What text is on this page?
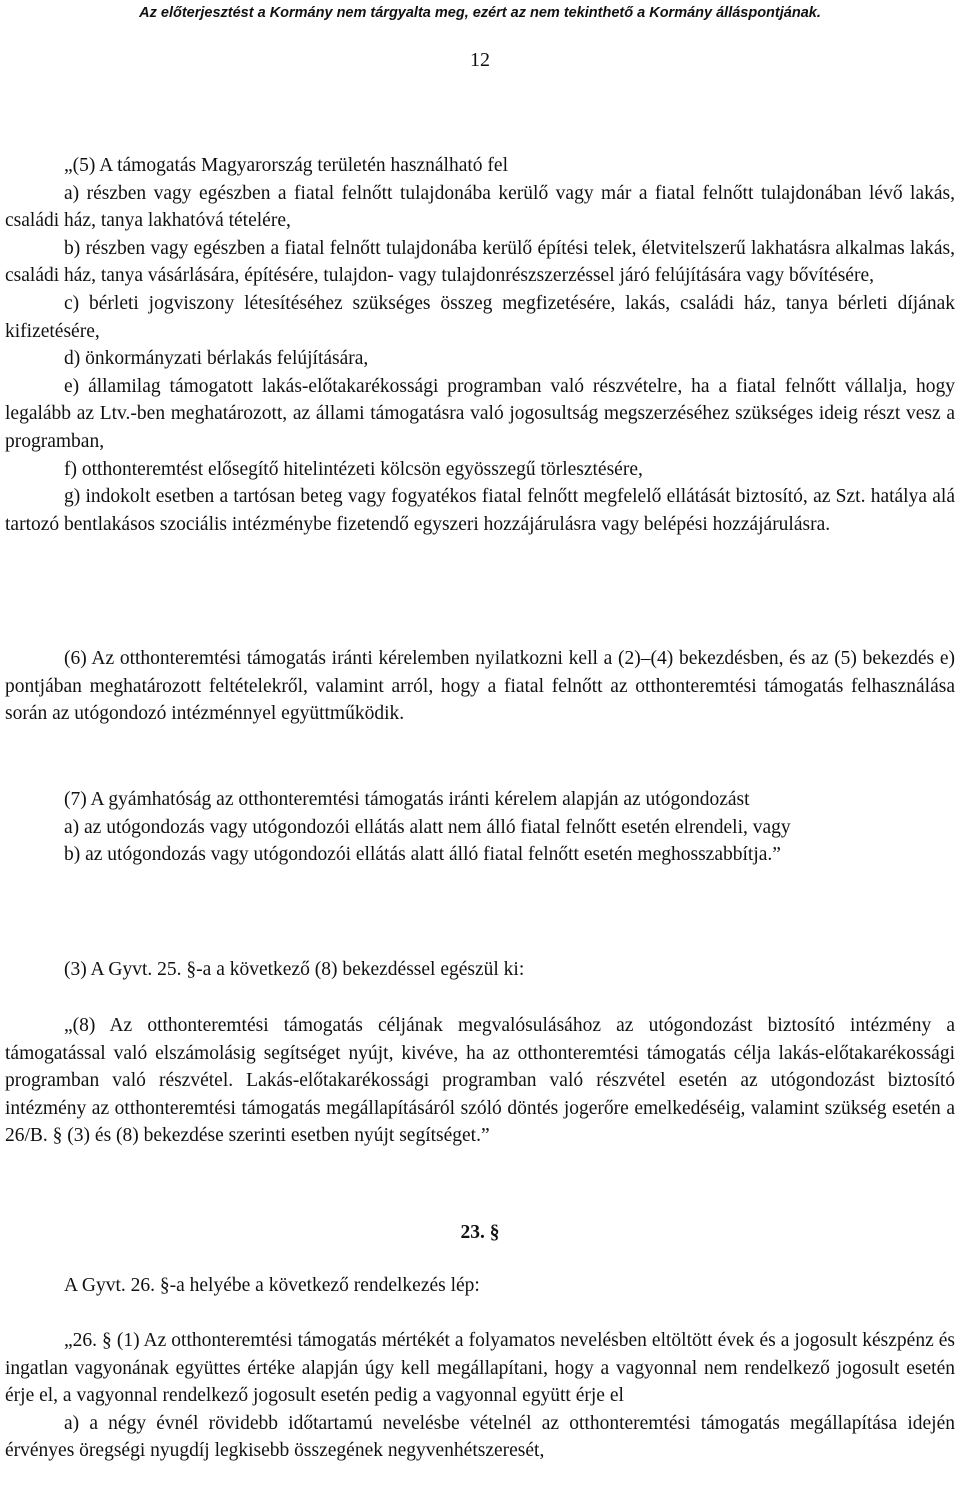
Az előterjesztést a Kormány nem tárgyalta meg, ezért az nem tekinthető a Kormány álláspontjának.
12

„(5) A támogatás Magyarország területén használható fel

a) részben vagy egészben a fiatal felnőtt tulajdonába kerülő vagy már a fiatal felnőtt tulajdonában lévő lakás, családi ház, tanya lakhatóvá tételére,

b) részben vagy egészben a fiatal felnőtt tulajdonába kerülő építési telek, életvitelszerű lakhatásra alkalmas lakás, családi ház, tanya vásárlására, építésére, tulajdon- vagy tulajdonrészszerzéssel járó felújítására vagy bővítésére,

c) bérleti jogviszony létesítéséhez szükséges összeg megfizetésére, lakás, családi ház, tanya bérleti díjának kifizetésére,

d) önkormányzati bérlakás felújítására,

e) államilag támogatott lakás-előtakarékossági programban való részvételre, ha a fiatal felnőtt vállalja, hogy legalább az Ltv.-ben meghatározott, az állami támogatásra való jogosultság megszerzéséhez szükséges ideig részt vesz a programban,

f) otthonteremtést elősegítő hitelintézeti kölcsön egyösszegű törlesztésére,

g) indokolt esetben a tartósan beteg vagy fogyatékos fiatal felnőtt megfelelő ellátását biztosító, az Szt. hatálya alá tartozó bentlakásos szociális intézménybe fizetendő egyszeri hozzájárulásra vagy belépési hozzájárulásra.

(6) Az otthonteremtési támogatás iránti kérelemben nyilatkozni kell a (2)–(4) bekezdésben, és az (5) bekezdés e) pontjában meghatározott feltételekről, valamint arról, hogy a fiatal felnőtt az otthonteremtési támogatás felhasználása során az utógondozó intézménnyel együttműködik.

(7) A gyámhatóság az otthonteremtési támogatás iránti kérelem alapján az utógondozást

a) az utógondozás vagy utógondozói ellátás alatt nem álló fiatal felnőtt esetén elrendeli, vagy

b) az utógondozás vagy utógondozói ellátás alatt álló fiatal felnőtt esetén meghosszabbítja.”

(3) A Gyvt. 25. §-a a következő (8) bekezdéssel egészül ki:

„(8) Az otthonteremtési támogatás céljának megvalósulásához az utógondozást biztosító intézmény a támogatással való elszámolásig segítséget nyújt, kivéve, ha az otthonteremtési támogatás célja lakás-előtakarékossági programban való részvétel. Lakás-előtakarékossági programban való részvétel esetén az utógondozást biztosító intézmény az otthonteremtési támogatás megállapításáról szóló döntés jogerőre emelkedéséig, valamint szükség esetén a 26/B. § (3) és (8) bekezdése szerinti esetben nyújt segítséget.”

23. §

A Gyvt. 26. §-a helyébe a következő rendelkezés lép:

„26. § (1) Az otthonteremtési támogatás mértékét a folyamatos nevelésben eltöltött évek és a jogosult készpénz és ingatlan vagyonának együttes értéke alapján úgy kell megállapítani, hogy a vagyonnal nem rendelkező jogosult esetén érje el, a vagyonnal rendelkező jogosult esetén pedig a vagyonnal együtt érje el

a) a négy évnél rövidebb időtartamú nevelésbe vételnél az otthonteremtési támogatás megállapítása idején érvényes öregségi nyugdíj legkisebb összegének negyvenhétszeresét,
